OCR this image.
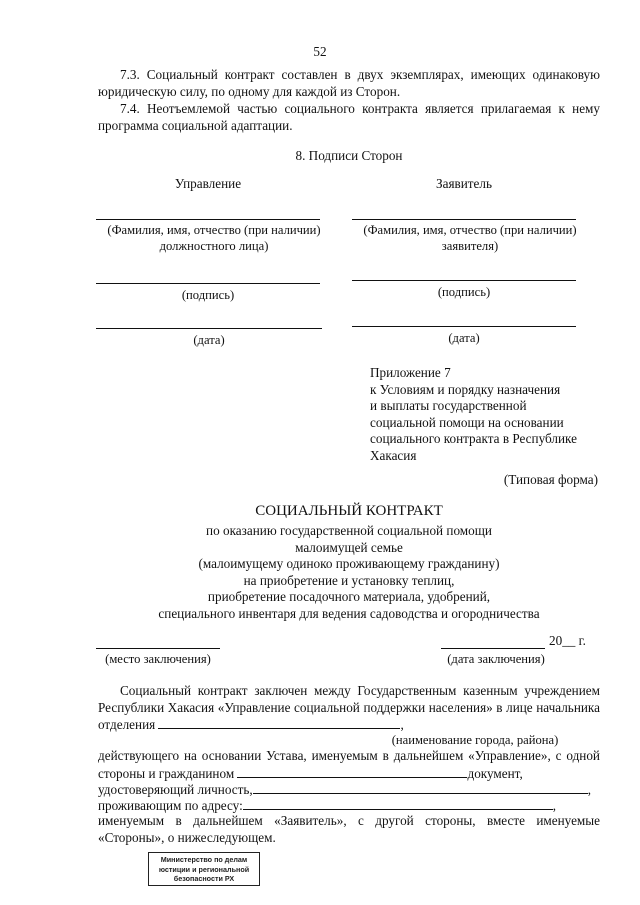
52
7.3. Социальный контракт составлен в двух экземплярах, имеющих одинаковую юридическую силу, по одному для каждой из Сторон.
7.4. Неотъемлемой частью социального контракта является прилагаемая к нему программа социальной адаптации.
8. Подписи Сторон
Управление	Заявитель
(Фамилия, имя, отчество (при наличии) должностного лица)
(Фамилия, имя, отчество (при наличии) заявителя)
(подпись)	(подпись)
(дата)	(дата)
Приложение 7
к Условиям и порядку назначения
и выплаты государственной
социальной помощи на основании
социального контракта в Республике
Хакасия
(Типовая форма)
СОЦИАЛЬНЫЙ КОНТРАКТ
по оказанию государственной социальной помощи
малоимущей семье
(малоимущему одиноко проживающему гражданину)
на приобретение и установку теплиц,
приобретение посадочного материала, удобрений,
специального инвентаря для ведения садоводства и огородничества
(место заключения)
20__ г.
(дата заключения)
Социальный контракт заключен между Государственным казенным учреждением Республики Хакасия «Управление социальной поддержки населения» в лице начальника отделения	,
(наименование города, района)
действующего на основании Устава, именуемым в дальнейшем «Управление», с одной стороны и гражданином	документ,
удостоверяющий личность,	,
проживающим по адресу:	,
именуемым в дальнейшем «Заявитель», с другой стороны, вместе именуемые «Стороны», о нижеследующем.
Министерство по делам
юстиции и региональной
безопасности РХ
